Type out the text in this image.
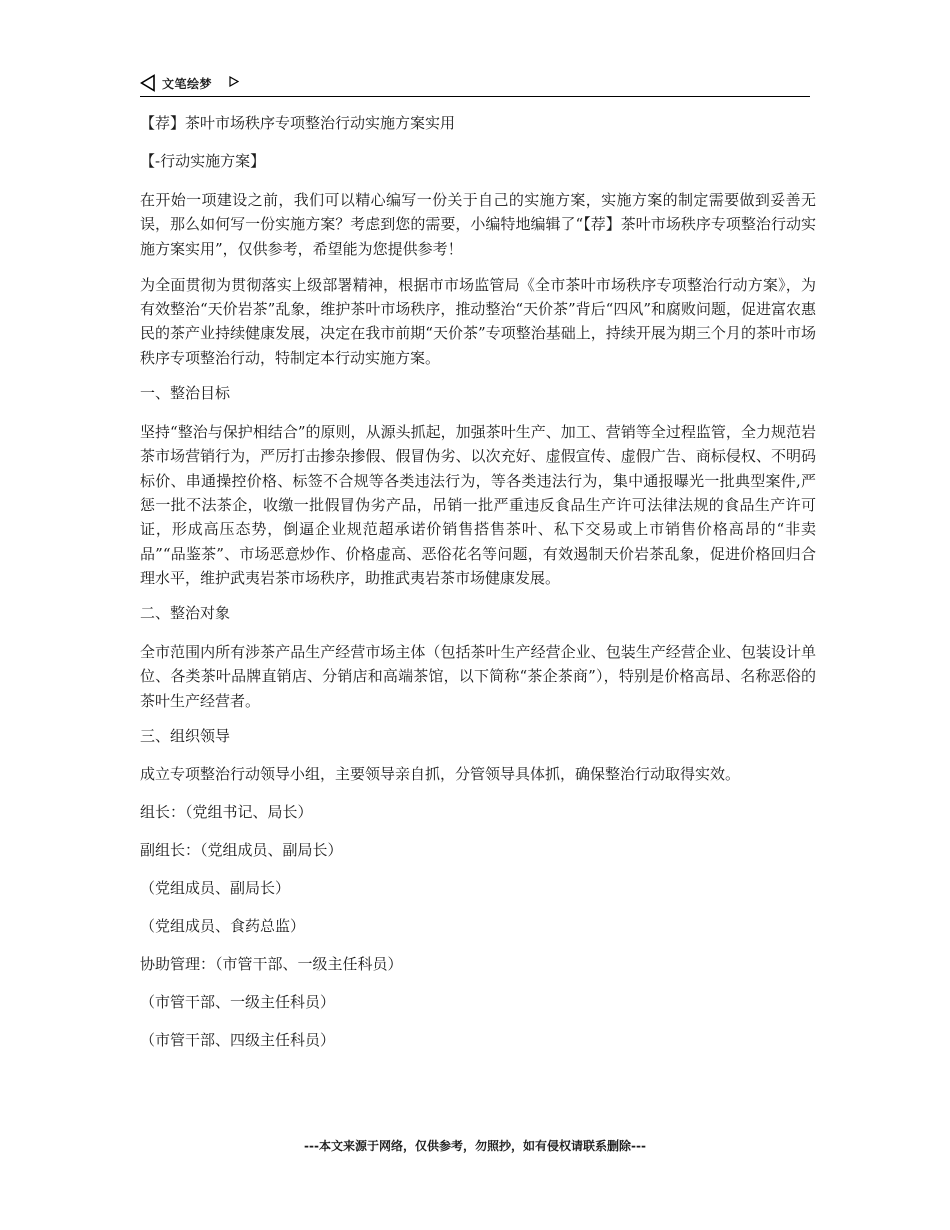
文笔绘梦

【荐】茶叶市场秩序专项整治行动实施方案实用

【-行动实施方案】

在开始一项建设之前，我们可以精心编写一份关于自己的实施方案，实施方案的制定需要做到妥善无误，那么如何写一份实施方案？考虑到您的需要，小编特地编辑了“【荐】茶叶市场秩序专项整治行动实施方案实用”，仅供参考，希望能为您提供参考！

为全面贯彻为贯彻落实上级部署精神，根据市市场监管局《全市茶叶市场秩序专项整治行动方案》，为有效整治“天价岩茶”乱象，维护茶叶市场秩序，推动整治“天价茶”背后“四风”和腐败问题，促进富农惠民的茶产业持续健康发展，决定在我市前期“天价茶”专项整治基础上，持续开展为期三个月的茶叶市场秩序专项整治行动，特制定本行动实施方案。

一、整治目标

坚持“整治与保护相结合”的原则，从源头抓起，加强茶叶生产、加工、营销等全过程监管，全力规范岩茶市场营销行为，严厉打击掺杂掺假、假冒伪劣、以次充好、虚假宣传、虚假广告、商标侵权、不明码标价、串通操控价格、标签不合规等各类违法行为，等各类违法行为，集中通报曝光一批典型案件,严惩一批不法茶企，收缴一批假冒伪劣产品，吊销一批严重违反食品生产许可法律法规的食品生产许可证，形成高压态势，倒逼企业规范超承诺价销售搭售茶叶、私下交易或上市销售价格高昂的“非卖品”“品鉴茶”、市场恶意炒作、价格虚高、恶俗花名等问题，有效遏制天价岩茶乱象，促进价格回归合理水平，维护武夷岩茶市场秩序，助推武夷岩茶市场健康发展。

二、整治对象

全市范围内所有涉茶产品生产经营市场主体（包括茶叶生产经营企业、包装生产经营企业、包装设计单位、各类茶叶品牌直销店、分销店和高端茶馆，以下简称“茶企茶商”），特别是价格高昂、名称恶俗的茶叶生产经营者。

三、组织领导

成立专项整治行动领导小组，主要领导亲自抓，分管领导具体抓，确保整治行动取得实效。

组长：（党组书记、局长）

副组长：（党组成员、副局长）

（党组成员、副局长）

（党组成员、食药总监）

协助管理：（市管干部、一级主任科员）

（市管干部、一级主任科员）

（市管干部、四级主任科员）

---本文来源于网络，仅供参考，勿照抄，如有侵权请联系删除---
